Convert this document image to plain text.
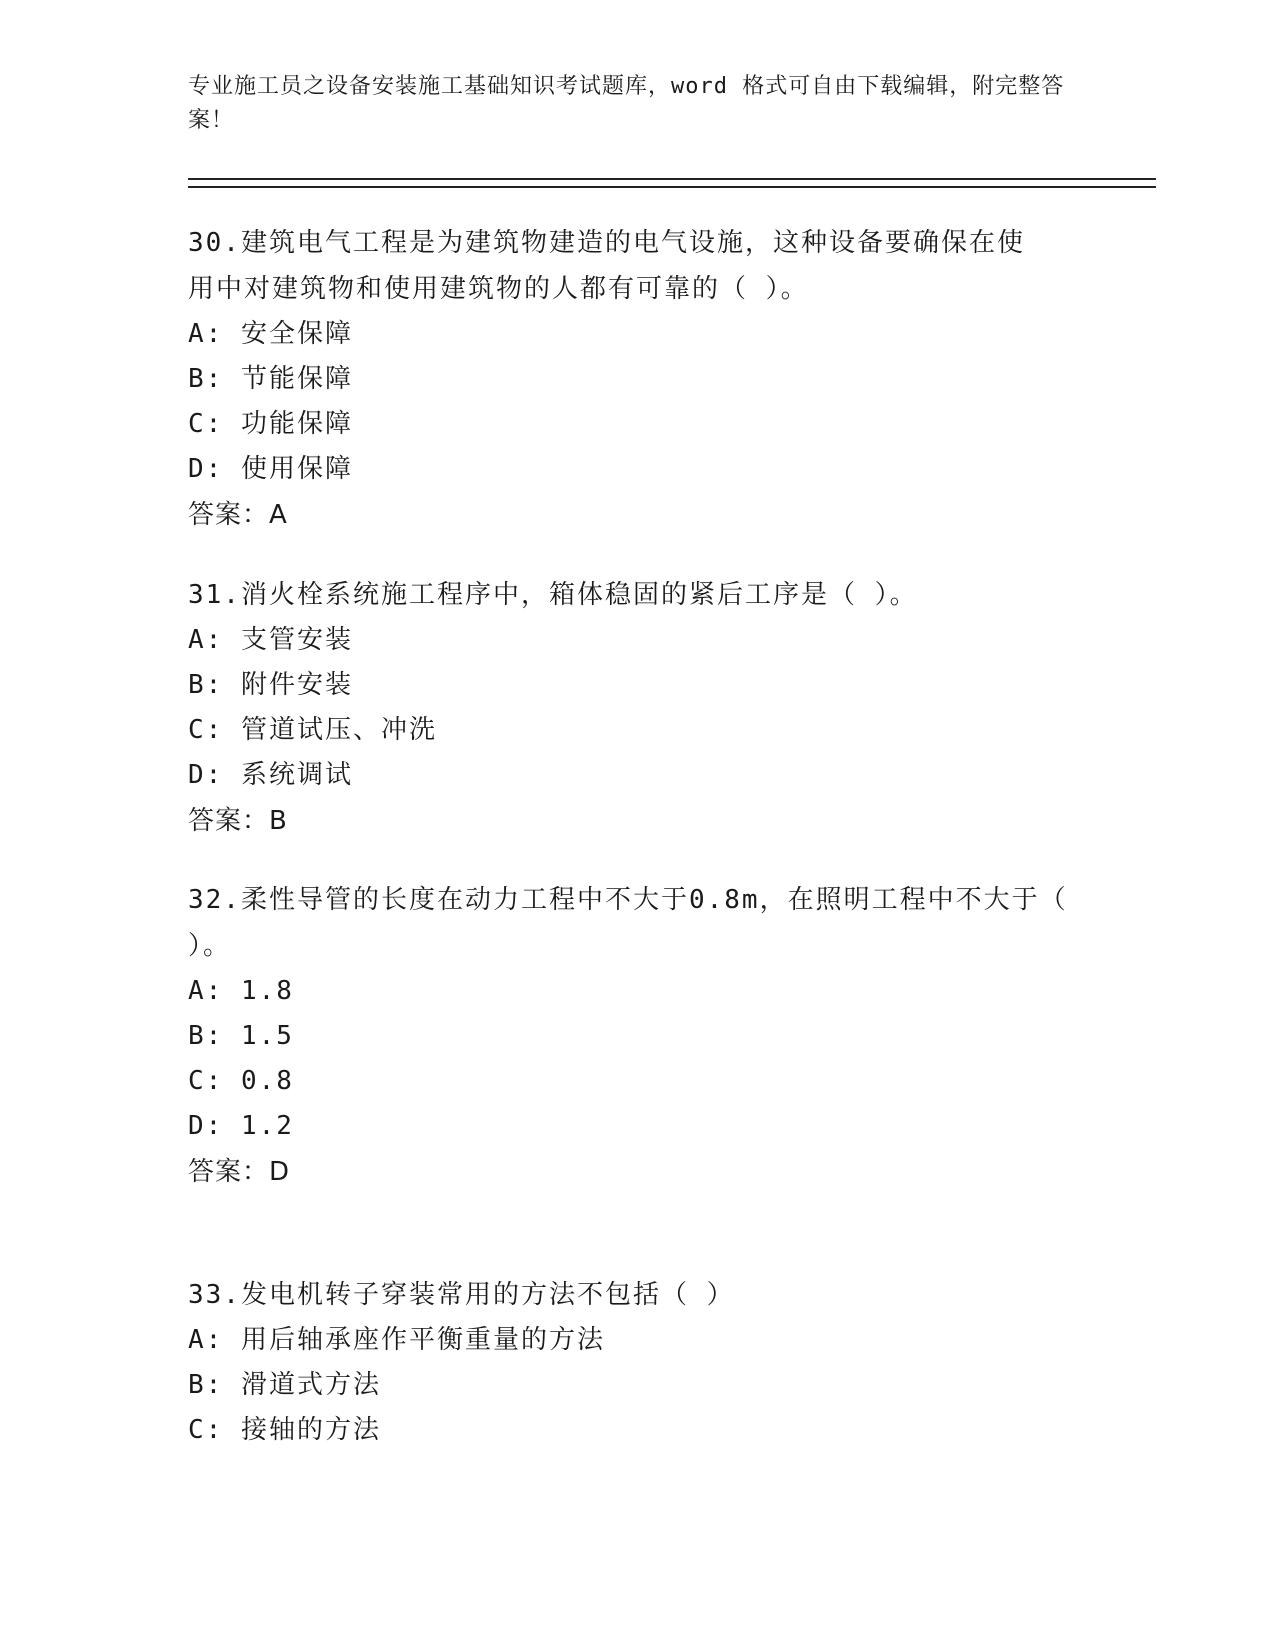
专业施工员之设备安装施工基础知识考试题库，word 格式可自由下载编辑，附完整答案！

30.建筑电气工程是为建筑物建造的电气设施，这种设备要确保在使用中对建筑物和使用建筑物的人都有可靠的（ ）。

A: 安全保障

B: 节能保障

C: 功能保障

D: 使用保障

答案：A

31.消火栓系统施工程序中，箱体稳固的紧后工序是（ ）。

A: 支管安装

B: 附件安装

C: 管道试压、冲洗

D: 系统调试

答案：B

32.柔性导管的长度在动力工程中不大于0.8m，在照明工程中不大于（ ）。

A: 1.8

B: 1.5

C: 0.8

D: 1.2

答案：D

33.发电机转子穿装常用的方法不包括（ ）

A: 用后轴承座作平衡重量的方法

B: 滑道式方法

C: 接轴的方法
